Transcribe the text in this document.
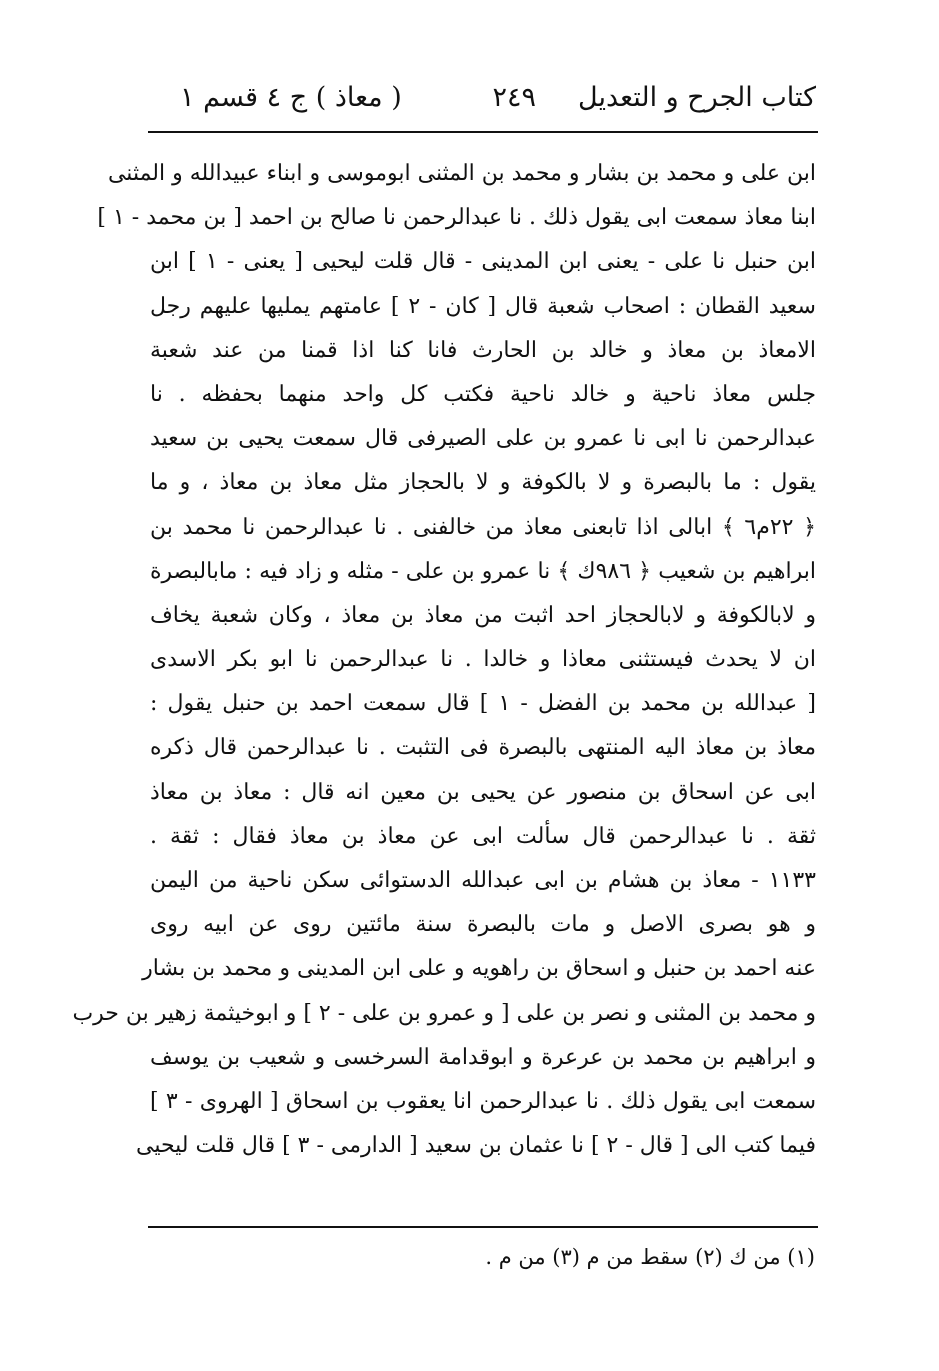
كتاب الجرح و التعديل
٢٤٩
( معاذ ) ج ٤ قسم ١
ابن على و محمد بن بشار و محمد بن المثنى ابوموسى و ابناء عبيدالله و المثنى
ابنا معاذ سمعت ابى يقول ذلك . نا عبدالرحمن نا صالح بن احمد [ بن محمد - ١ ]
ابن حنبل نا على - يعنى ابن المدينى - قال قلت ليحيى [ يعنى - ١ ] ابن
سعيد القطان : اصحاب شعبة قال [ كان - ٢ ] عامتهم يمليها عليهم رجل
الامعاذ بن معاذ و خالد بن الحارث فانا كنا اذا قمنا من عند شعبة
جلس معاذ ناحية و خالد ناحية فكتب كل واحد منهما بحفظه . نا
عبدالرحمن نا ابى نا عمرو بن على الصيرفى قال سمعت يحيى بن سعيد
يقول : ما بالبصرة و لا بالكوفة و لا بالحجاز مثل معاذ بن معاذ ، و ما
﴿ ٢٢م٦ ﴾ ابالى اذا تابعنى معاذ من خالفنى . نا عبدالرحمن نا محمد بن
ابراهيم بن شعيب ﴿ ٩٨٦ك ﴾ نا عمرو بن على - مثله و زاد فيه : مابالبصرة
و لابالكوفة و لابالحجاز احد اثبت من معاذ بن معاذ ، وكان شعبة يخاف
ان لا يحدث فيستثنى معاذا و خالدا . نا عبدالرحمن نا ابو بكر الاسدى
[ عبدالله بن محمد بن الفضل - ١ ] قال سمعت احمد بن حنبل يقول :
معاذ بن معاذ اليه المنتهى بالبصرة فى التثبت . نا عبدالرحمن قال ذكره
ابى عن اسحاق بن منصور عن يحيى بن معين انه قال : معاذ بن معاذ
ثقة . نا عبدالرحمن قال سألت ابى عن معاذ بن معاذ فقال : ثقة .
١١٣٣ - معاذ بن هشام بن ابى عبدالله الدستوائى سكن ناحية من اليمن
و هو بصرى الاصل و مات بالبصرة سنة مائتين روى عن ابيه روى
عنه احمد بن حنبل و اسحاق بن راهويه و على ابن المدينى و محمد بن بشار
و محمد بن المثنى و نصر بن على [ و عمرو بن على - ٢ ] و ابوخيثمة زهير بن حرب
و ابراهيم بن محمد بن عرعرة و ابوقدامة السرخسى و شعيب بن يوسف
سمعت ابى يقول ذلك . نا عبدالرحمن انا يعقوب بن اسحاق [ الهروى - ٣ ]
فيما كتب الى [ قال - ٢ ] نا عثمان بن سعيد [ الدارمى - ٣ ] قال قلت ليحيى
(١) من ك (٢) سقط من م (٣) من م .
